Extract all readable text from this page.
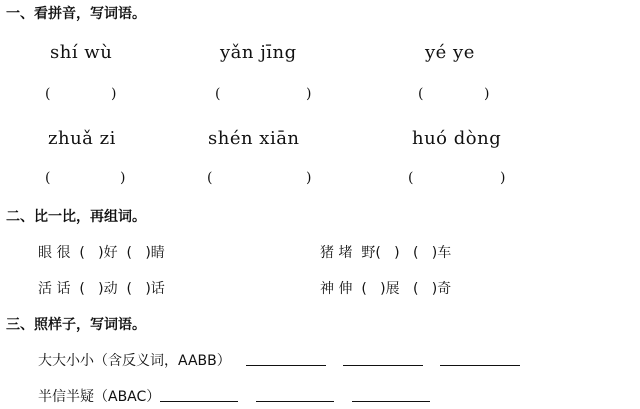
一、看拼音，写词语。
shí wù	yǎn jīng	yé ye
(	)	(	)	(	)
zhuǎ zi	shén xiān	huó dòng
(	)	(	)	(	)
二、比一比，再组词。
眼 很  (   )好  (   )睛	猪 堵  野(   )   (   )车
活 话  (   )动  (   )话	神 伸  (   )展   (   )奇
三、照样子，写词语。
大大小小（含反义词，AABB）
半信半疑（ABAC）
